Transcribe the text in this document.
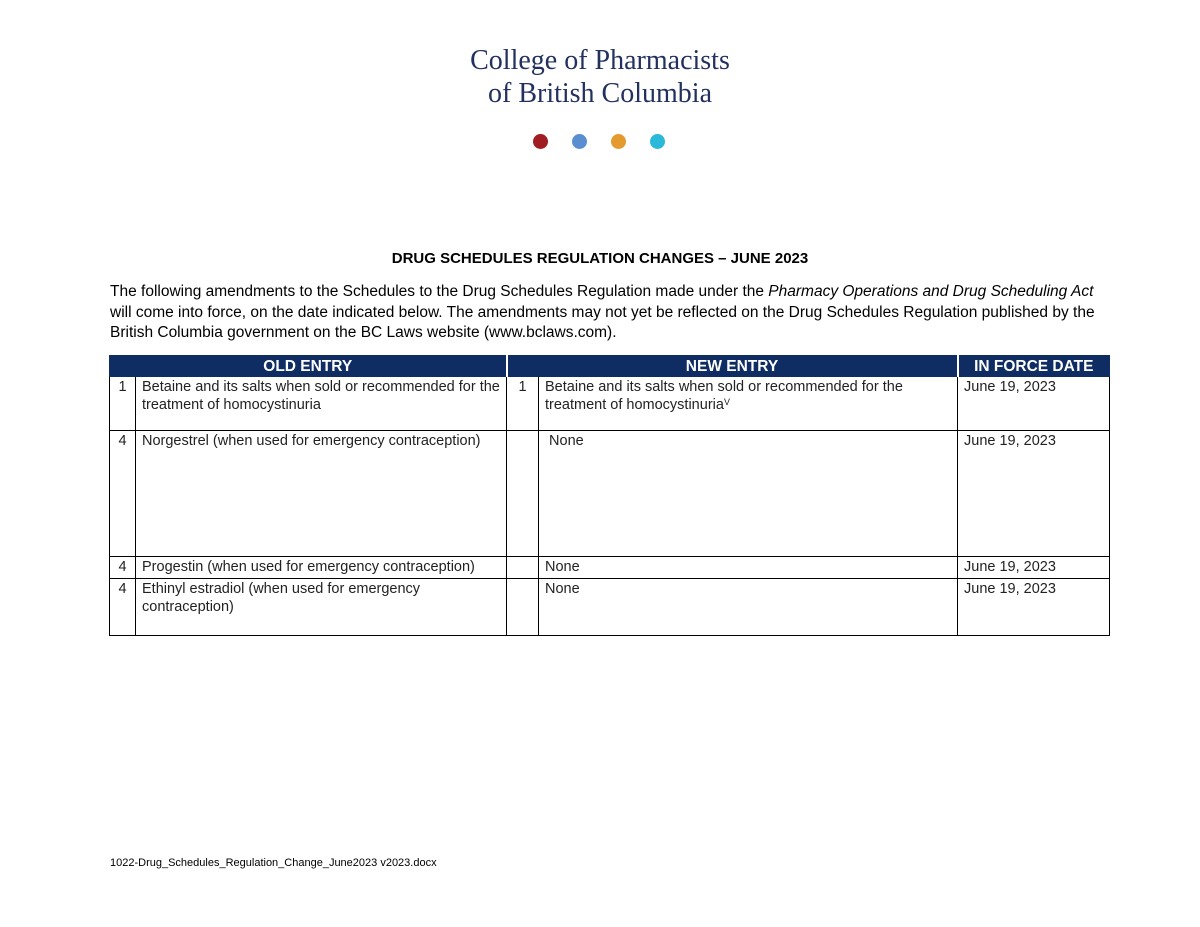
College of Pharmacists
of British Columbia
DRUG SCHEDULES REGULATION CHANGES – JUNE 2023

The following amendments to the Schedules to the Drug Schedules Regulation made under the Pharmacy Operations and Drug Scheduling Act will come into force, on the date indicated below. The amendments may not yet be reflected on the Drug Schedules Regulation published by the British Columbia government on the BC Laws website (www.bclaws.com).

OLD ENTRY		NEW ENTRY		IN FORCE DATE
1	Betaine and its salts when sold or recommended for the treatment of homocystinuria	1	Betaine and its salts when sold or recommended for the treatment of homocystinuria$^V$	June 19, 2023
4	Norgestrel (when used for emergency contraception)		None	June 19, 2023
4	Progestin (when used for emergency contraception)		None	June 19, 2023
4	Ethinyl estradiol (when used for emergency contraception)		None	June 19, 2023
1022-Drug_Schedules_Regulation_Change_June2023 v2023.docx
